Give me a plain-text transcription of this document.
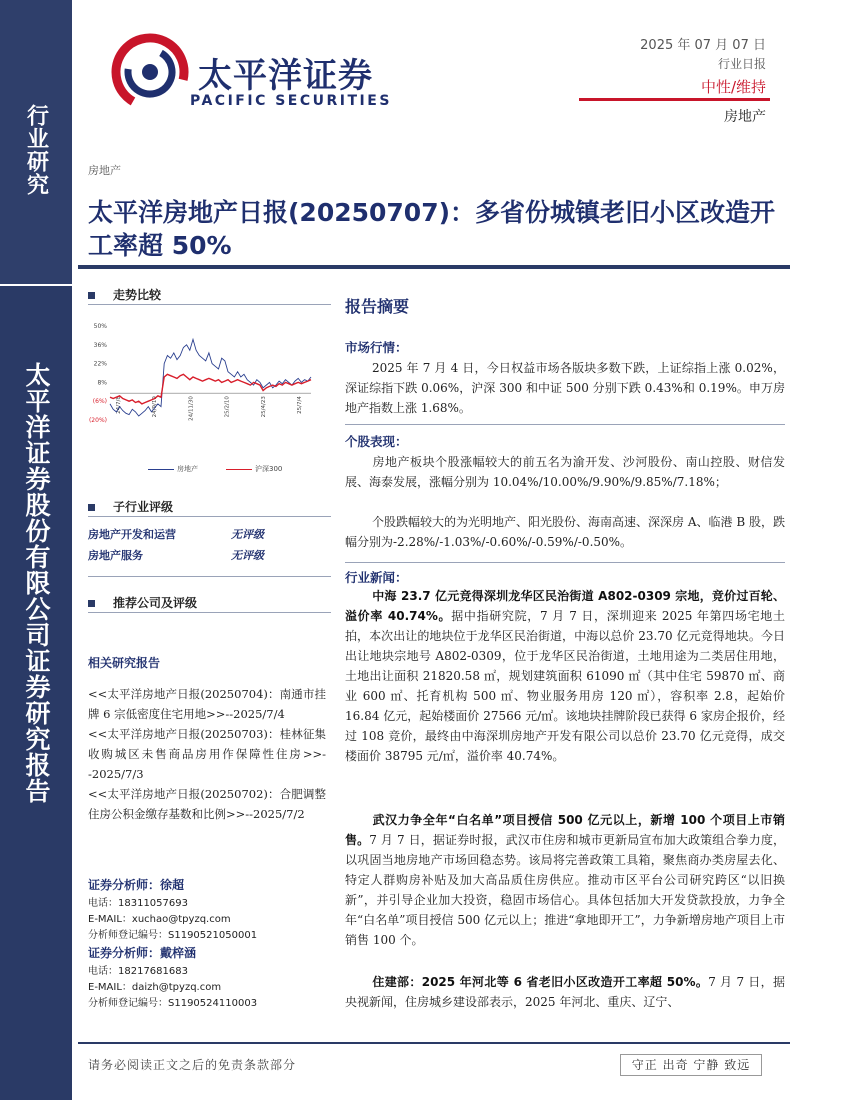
行业研究
太平洋证券股份有限公司证券研究报告
太平洋证券
PACIFIC SECURITIES
2025 年 07 月 07 日
行业日报
中性/维持
房地产
房地产
太平洋房地产日报(20250707)：多省份城镇老旧小区改造开工率超 50%
走势比较
50%
36%
22%
8%
(6%)
(20%)
24/7/8	24/9/19	24/11/30	25/2/10	25/4/23	25/7/4
房地产	沪深300
子行业评级
房地产开发和运营	无评级
房地产服务	无评级
推荐公司及评级
相关研究报告

<<太平洋房地产日报(20250704)：南通市挂牌 6 宗低密度住宅用地>>--2025/7/4

<<太平洋房地产日报(20250703)：桂林征集收购城区未售商品房用作保障性住房>>--2025/7/3

<<太平洋房地产日报(20250702)：合肥调整住房公积金缴存基数和比例>>--2025/7/2

证券分析师：徐超
电话：18311057693
E-MAIL：xuchao@tpyzq.com
分析师登记编号：S1190521050001
证券分析师：戴梓涵
电话：18217681683
E-MAIL：daizh@tpyzq.com
分析师登记编号：S1190524110003
报告摘要
市场行情：
2025 年 7 月 4 日，今日权益市场各版块多数下跌，上证综指上涨 0.02%，深证综指下跌 0.06%，沪深 300 和中证 500 分别下跌 0.43%和 0.19%。申万房地产指数上涨 1.68%。
个股表现：
房地产板块个股涨幅较大的前五名为渝开发、沙河股份、南山控股、财信发展、海泰发展，涨幅分别为 10.04%/10.00%/9.90%/9.85%/7.18%；
个股跌幅较大的为光明地产、阳光股份、海南高速、深深房 A、临港 B 股，跌幅分别为-2.28%/-1.03%/-0.60%/-0.59%/-0.50%。
行业新闻：
中海 23.7 亿元竞得深圳龙华区民治街道 A802-0309 宗地，竞价过百轮、溢价率 40.74%。据中指研究院，7 月 7 日，深圳迎来 2025 年第四场宅地土拍，本次出让的地块位于龙华区民治街道，中海以总价 23.70 亿元竞得地块。今日出让地块宗地号 A802-0309，位于龙华区民治街道，土地用途为二类居住用地，土地出让面积 21820.58 ㎡，规划建筑面积 61090 ㎡（其中住宅 59870 ㎡、商业 600 ㎡、托育机构 500 ㎡、物业服务用房 120 ㎡），容积率 2.8，起始价 16.84 亿元，起始楼面价 27566 元/㎡。该地块挂牌阶段已获得 6 家房企报价，经过 108 竞价，最终由中海深圳房地产开发有限公司以总价 23.70 亿元竞得，成交楼面价 38795 元/㎡，溢价率 40.74%。
武汉力争全年“白名单”项目授信 500 亿元以上，新增 100 个项目上市销售。7 月 7 日，据证券时报，武汉市住房和城市更新局宣布加大政策组合拳力度，以巩固当地房地产市场回稳态势。该局将完善政策工具箱，聚焦商办类房屋去化、特定人群购房补贴及加大高品质住房供应。推动市区平台公司研究跨区“以旧换新”，并引导企业加大投资，稳固市场信心。具体包括加大开发贷款投放，力争全年“白名单”项目授信 500 亿元以上；推进“拿地即开工”，力争新增房地产项目上市销售 100 个。
住建部：2025 年河北等 6 省老旧小区改造开工率超 50%。7 月 7 日，据央视新闻，住房城乡建设部表示，2025 年河北、重庆、辽宁、
请务必阅读正文之后的免责条款部分	守正 出奇 宁静 致远
